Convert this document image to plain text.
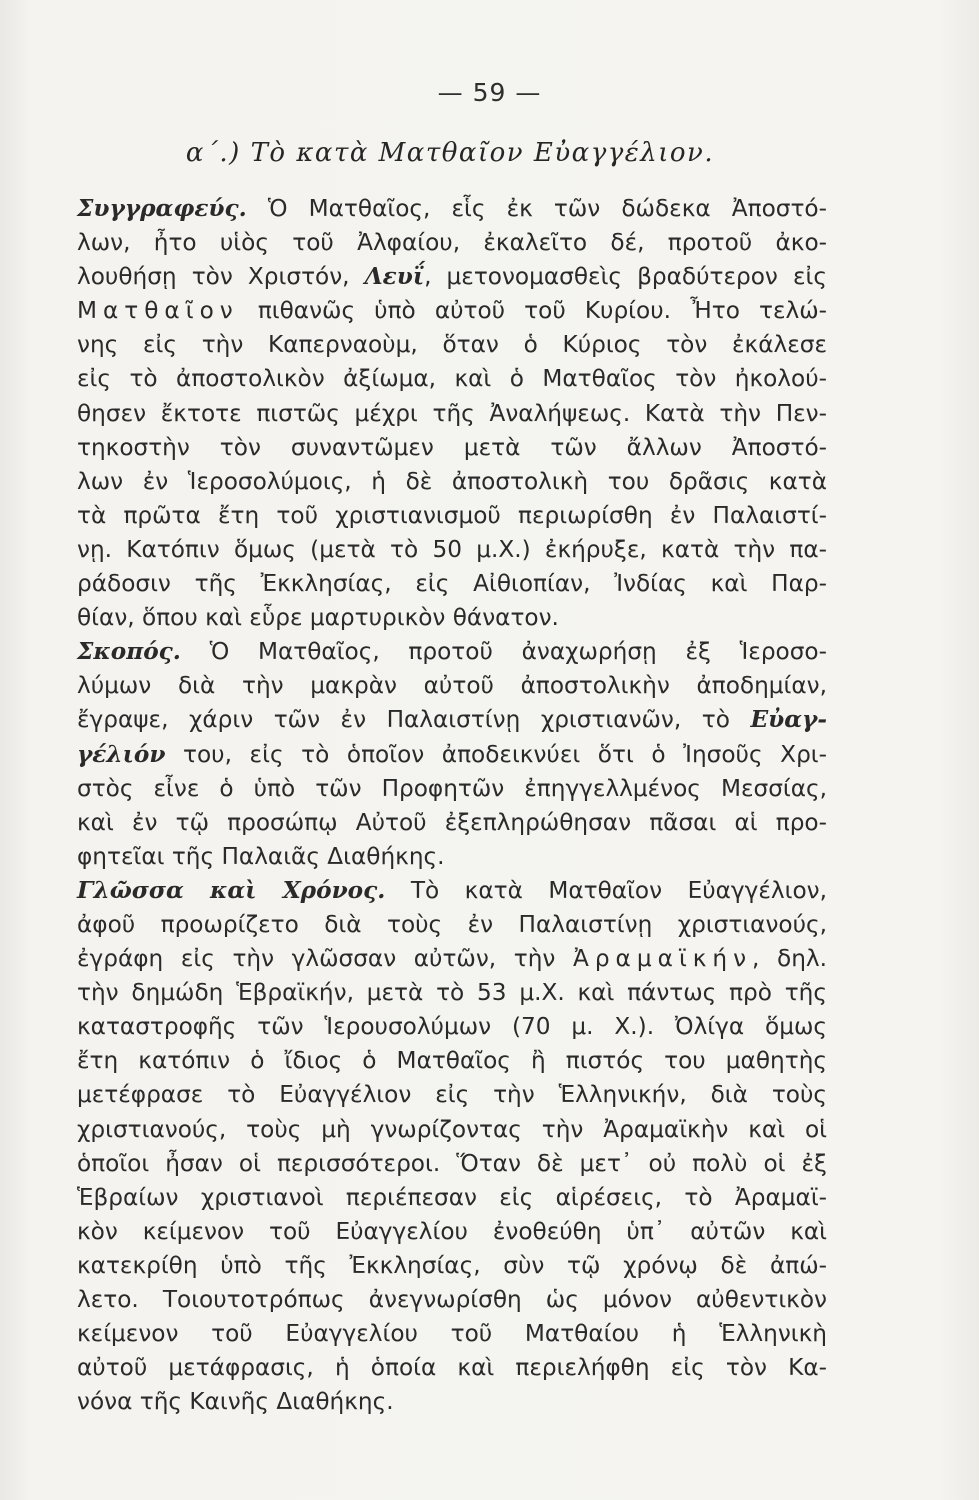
— 59 —
α΄.) Τὸ κατὰ Ματθαῖον Εὐαγγέλιον.
Συγγραφεύς. Ὁ Ματθαῖος, εἷς ἐκ τῶν δώδεκα Ἀποστό-
λων, ἦτο υἱὸς τοῦ Ἀλφαίου, ἐκαλεῖτο δέ, προτοῦ ἀκο-
λουθήσῃ τὸν Χριστόν, Λευΐ, μετονομασθεὶς βραδύτερον εἰς
Ματθαῖον πιθανῶς ὑπὸ αὐτοῦ τοῦ Κυρίου. Ἦτο τελώ-
νης εἰς τὴν Καπερναοὺμ, ὅταν ὁ Κύριος τὸν ἐκάλεσε
εἰς τὸ ἀποστολικὸν ἀξίωμα, καὶ ὁ Ματθαῖος τὸν ἠκολού-
θησεν ἔκτοτε πιστῶς μέχρι τῆς Ἀναλήψεως. Κατὰ τὴν Πεν-
τηκοστὴν τὸν συναντῶμεν μετὰ τῶν ἄλλων Ἀποστό-
λων ἐν Ἱεροσολύμοις, ἡ δὲ ἀποστολικὴ του δρᾶσις κατὰ
τὰ πρῶτα ἔτη τοῦ χριστιανισμοῦ περιωρίσθη ἐν Παλαιστί-
νῃ. Κατόπιν ὅμως (μετὰ τὸ 50 μ.Χ.) ἐκήρυξε, κατὰ τὴν πα-
ράδοσιν τῆς Ἐκκλησίας, εἰς Αἰθιοπίαν, Ἰνδίας καὶ Παρ-
θίαν, ὅπου καὶ εὗρε μαρτυρικὸν θάνατον.
Σκοπός. Ὁ Ματθαῖος, προτοῦ ἀναχωρήσῃ ἐξ Ἱεροσο-
λύμων διὰ τὴν μακρὰν αὐτοῦ ἀποστολικὴν ἀποδημίαν,
ἔγραψε, χάριν τῶν ἐν Παλαιστίνῃ χριστιανῶν, τὸ Εὐαγ-
γέλιόν του, εἰς τὸ ὁποῖον ἀποδεικνύει ὅτι ὁ Ἰησοῦς Χρι-
στὸς εἶνε ὁ ὑπὸ τῶν Προφητῶν ἐπηγγελλμένος Μεσσίας,
καὶ ἐν τῷ προσώπῳ Αὐτοῦ ἐξεπληρώθησαν πᾶσαι αἱ προ-
φητεῖαι τῆς Παλαιᾶς Διαθήκης.
Γλῶσσα καὶ Χρόνος. Τὸ κατὰ Ματθαῖον Εὐαγγέλιον,
ἀφοῦ προωρίζετο διὰ τοὺς ἐν Παλαιστίνῃ χριστιανούς,
ἐγράφη εἰς τὴν γλῶσσαν αὐτῶν, τὴν Ἀραμαϊκήν, δηλ.
τὴν δημώδη Ἑβραϊκήν, μετὰ τὸ 53 μ.Χ. καὶ πάντως πρὸ τῆς
καταστροφῆς τῶν Ἱερουσολύμων (70 μ. Χ.). Ὀλίγα ὅμως
ἔτη κατόπιν ὁ ἴδιος ὁ Ματθαῖος ἢ πιστός του μαθητὴς
μετέφρασε τὸ Εὐαγγέλιον εἰς τὴν Ἑλληνικήν, διὰ τοὺς
χριστιανούς, τοὺς μὴ γνωρίζοντας τὴν Ἀραμαϊκὴν καὶ οἱ
ὁποῖοι ἦσαν οἱ περισσότεροι. Ὅταν δὲ μετ᾽ οὐ πολὺ οἱ ἐξ
Ἑβραίων χριστιανοὶ περιέπεσαν εἰς αἱρέσεις, τὸ Ἀραμαϊ-
κὸν κείμενον τοῦ Εὐαγγελίου ἐνοθεύθη ὑπ᾽ αὐτῶν καὶ
κατεκρίθη ὑπὸ τῆς Ἐκκλησίας, σὺν τῷ χρόνῳ δὲ ἀπώ-
λετο. Τοιουτοτρόπως ἀνεγνωρίσθη ὡς μόνον αὐθεντικὸν
κείμενον τοῦ Εὐαγγελίου τοῦ Ματθαίου ἡ Ἑλληνικὴ
αὐτοῦ μετάφρασις, ἡ ὁποία καὶ περιελήφθη εἰς τὸν Κα-
νόνα τῆς Καινῆς Διαθήκης.
